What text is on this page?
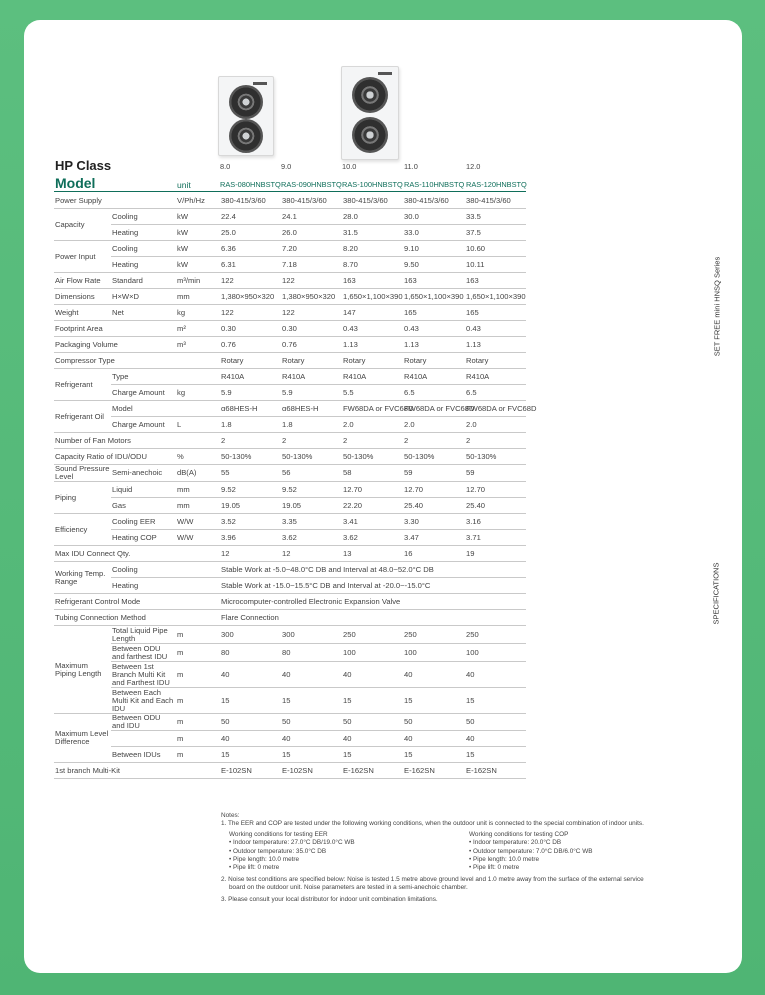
HP Class
Model	unit
8.0	9.0	10.0	11.0	12.0
RAS-080HNBSTQ RAS-090HNBSTQ RAS-100HNBSTQ RAS-110HNBSTQ RAS-120HNBSTQ
Power Supply		V/Ph/Hz	380-415/3/60	380-415/3/60	380-415/3/60	380-415/3/60	380-415/3/60
Capacity	Cooling	kW	22.4	24.1	28.0	30.0	33.5
	Heating	kW	25.0	26.0	31.5	33.0	37.5
Power Input	Cooling	kW	6.36	7.20	8.20	9.10	10.60
	Heating	kW	6.31	7.18	8.70	9.50	10.11
Air Flow Rate	Standard	m³/min	122	122	163	163	163
Dimensions	H×W×D	mm	1,380×950×320	1,380×950×320	1,650×1,100×390	1,650×1,100×390	1,650×1,100×390
Weight	Net	kg	122	122	147	165	165
Footprint Area		m²	0.30	0.30	0.43	0.43	0.43
Packaging Volume		m³	0.76	0.76	1.13	1.13	1.13
Compressor Type			Rotary	Rotary	Rotary	Rotary	Rotary
Refrigerant	Type		R410A	R410A	R410A	R410A	R410A
	Charge Amount	kg	5.9	5.9	5.5	6.5	6.5
Refrigerant Oil	Model		α68HES-H	α68HES-H	FW68DA or FVC68D	FW68DA or FVC68D	FW68DA or FVC68D
	Charge Amount	L	1.8	1.8	2.0	2.0	2.0
Number of Fan Motors			2	2	2	2	2
Capacity Ratio of IDU/ODU		%	50-130%	50-130%	50-130%	50-130%	50-130%
Sound Pressure Level	Semi-anechoic	dB(A)	55	56	58	59	59
Piping	Liquid	mm	9.52	9.52	12.70	12.70	12.70
	Gas	mm	19.05	19.05	22.20	25.40	25.40
Efficiency	Cooling EER	W/W	3.52	3.35	3.41	3.30	3.16
	Heating COP	W/W	3.96	3.62	3.62	3.47	3.71
Max IDU Connect Qty.			12	12	13	16	19
Working Temp. Range	Cooling		Stable Work at -5.0~48.0°C DB and Interval at 48.0~52.0°C DB				
	Heating		Stable Work at -15.0~15.5°C DB and Interval at -20.0~-15.0°C				
Refrigerant Control Mode			Microcomputer-controlled Electronic Expansion Valve				
Tubing Connection Method			Flare Connection				
Maximum Piping Length	Total Liquid Pipe Length	m	300	300	250	250	250
	Between ODU and farthest IDU	m	80	80	100	100	100
	Between 1st Branch Multi Kit and Farthest IDU	m	40	40	40	40	40
	Between Each Multi Kit and Each IDU	m	15	15	15	15	15
Maximum Level Difference	Between ODU and IDU	m	50	50	50	50	50
		m	40	40	40	40	40
	Between IDUs	m	15	15	15	15	15
1st branch Multi-Kit			E-102SN	E-102SN	E-162SN	E-162SN	E-162SN
SET FREE mini HNSQ Series
SPECIFICATIONS

Notes:

1. The EER and COP are tested under the following working conditions, when the outdoor unit is connected to the special combination of indoor units.

Working conditions for testing EER

• Indoor temperature: 27.0°C DB/19.0°C WB

• Outdoor temperature: 35.0°C DB

• Pipe length: 10.0 metre

• Pipe lift: 0 metre

Working conditions for testing COP

• Indoor temperature: 20.0°C DB

• Outdoor temperature: 7.0°C DB/6.0°C WB

• Pipe length: 10.0 metre

• Pipe lift: 0 metre

2. Noise test conditions are specified below: Noise is tested 1.5 metre above ground level and 1.0 metre away from the surface of the external service

board on the outdoor unit. Noise parameters are tested in a semi-anechoic chamber.

3. Please consult your local distributor for indoor unit combination limitations.
